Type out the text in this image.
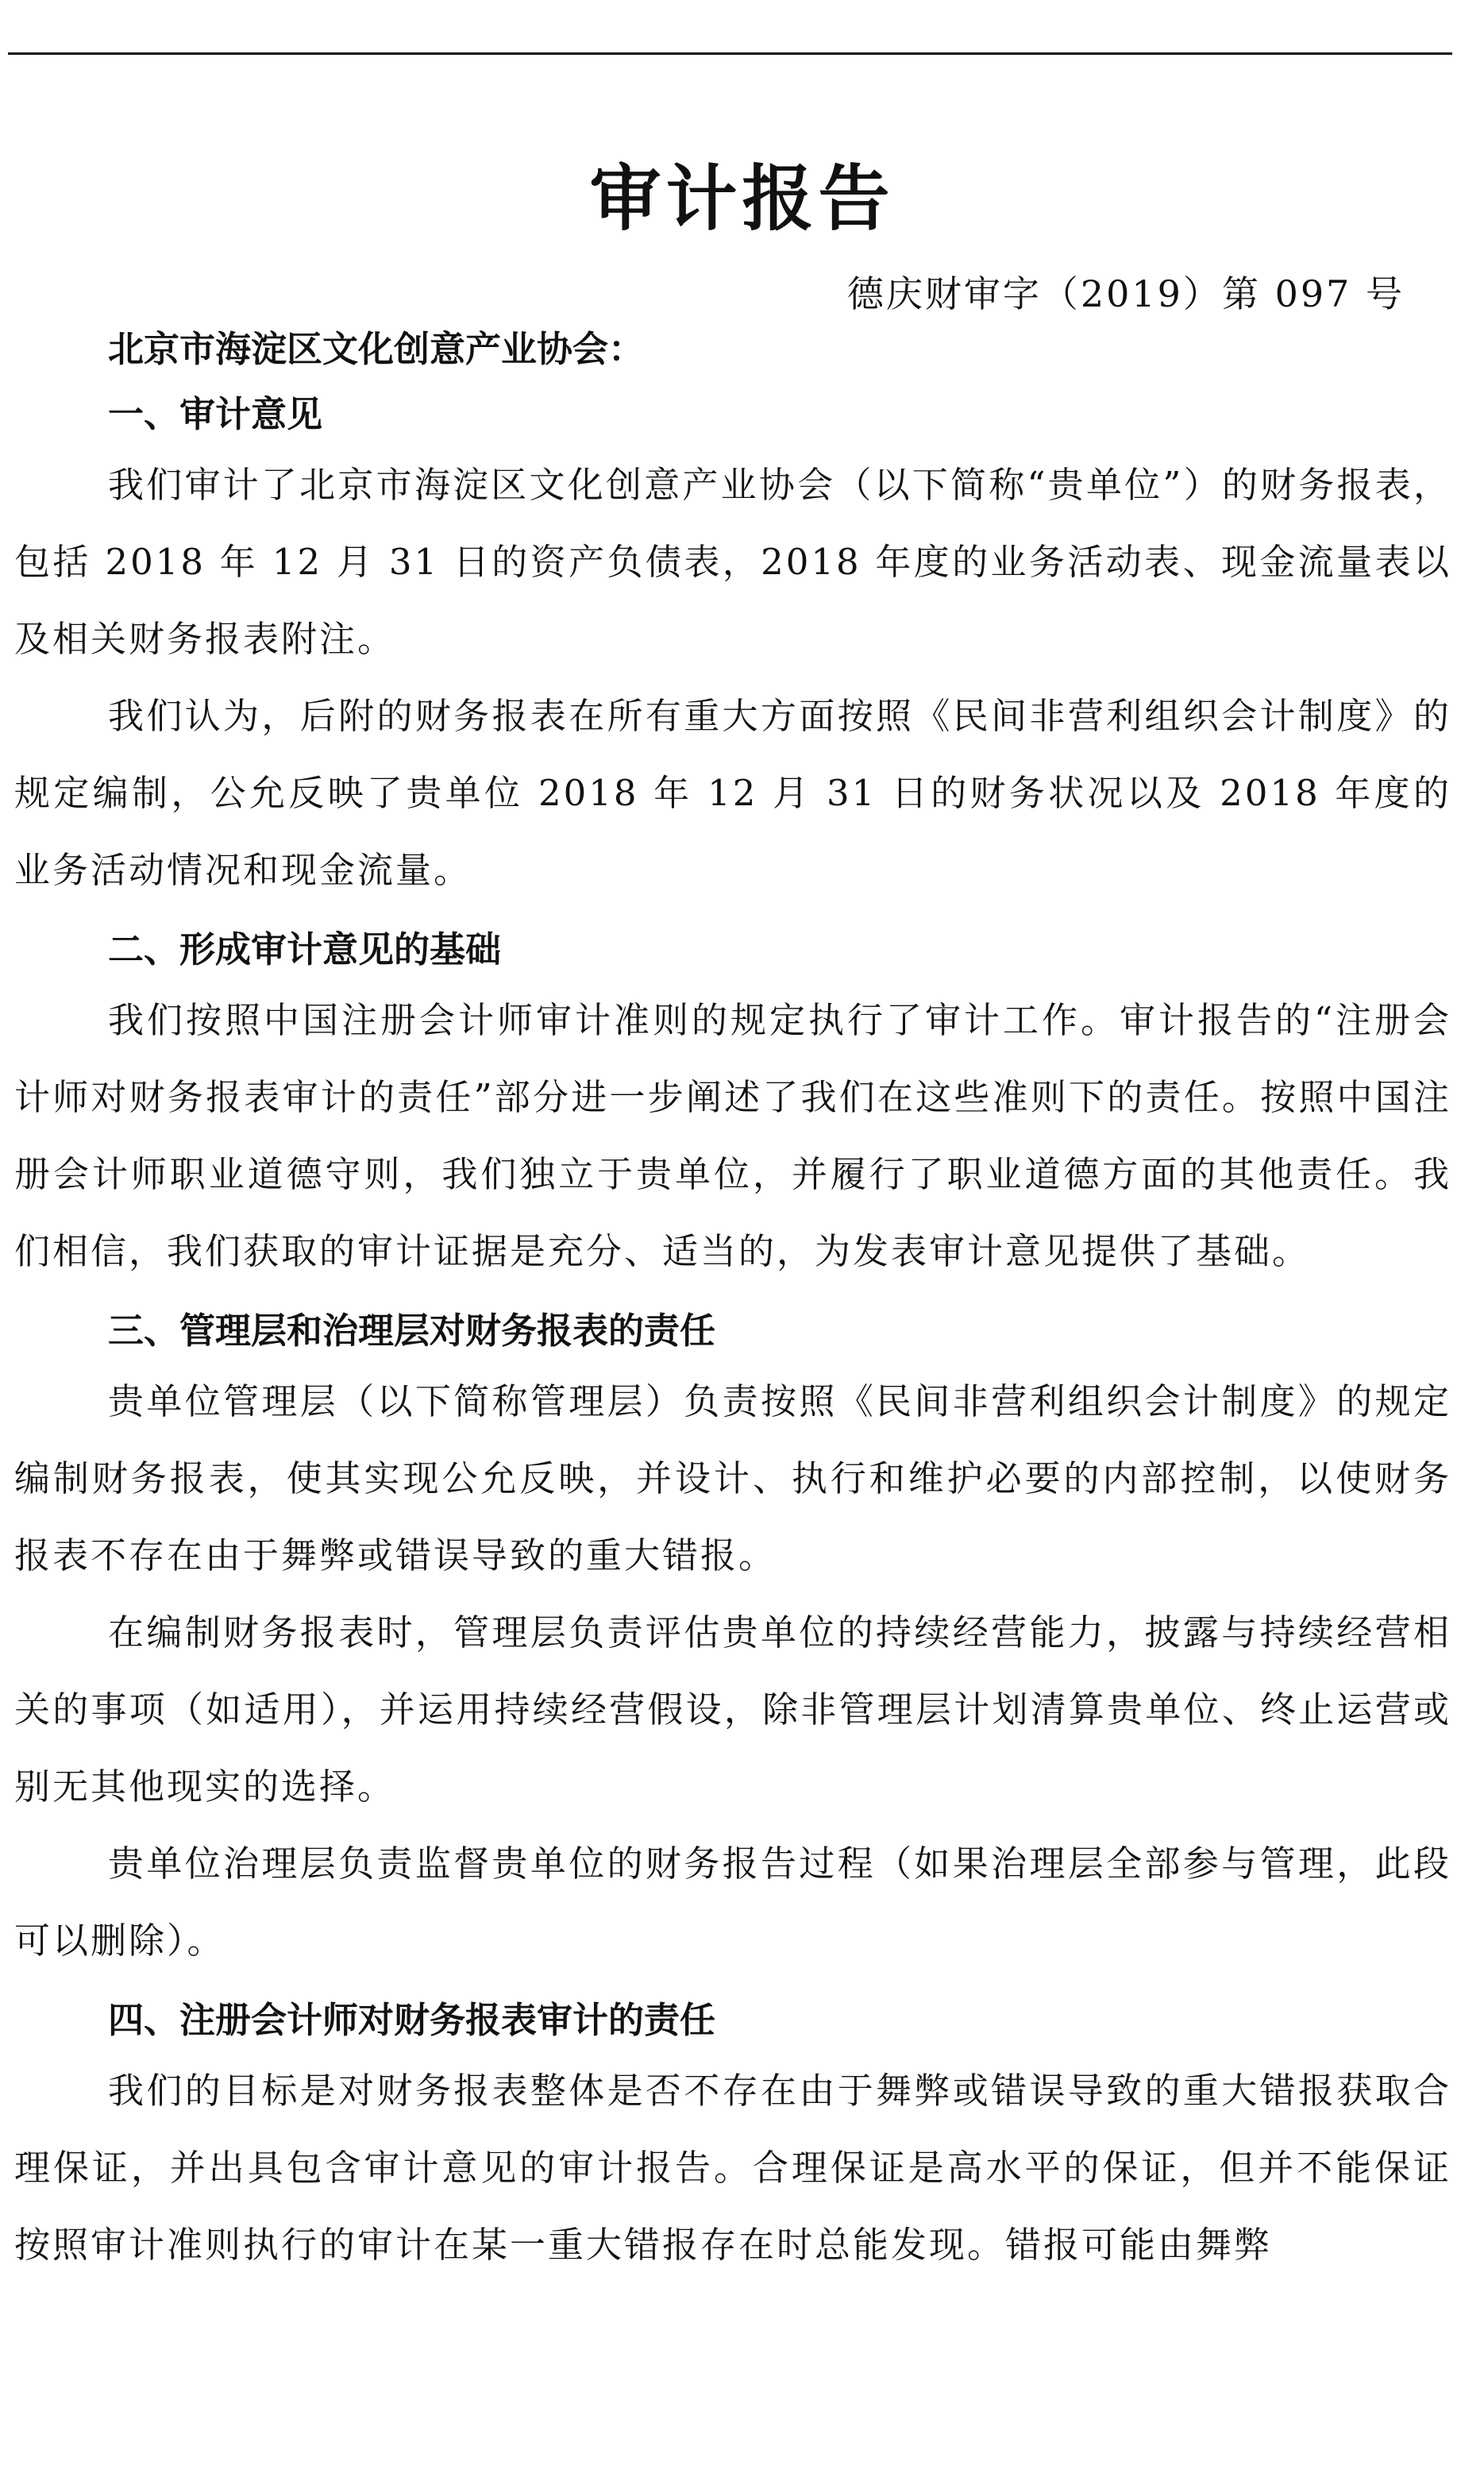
审计报告
德庆财审字（2019）第 097 号
北京市海淀区文化创意产业协会：
一、审计意见

我们审计了北京市海淀区文化创意产业协会（以下简称“贵单位”）的财务报表，包括 2018 年 12 月 31 日的资产负债表，2018 年度的业务活动表、现金流量表以及相关财务报表附注。

我们认为，后附的财务报表在所有重大方面按照《民间非营利组织会计制度》的规定编制，公允反映了贵单位 2018 年 12 月 31 日的财务状况以及 2018 年度的业务活动情况和现金流量。

二、形成审计意见的基础

我们按照中国注册会计师审计准则的规定执行了审计工作。审计报告的“注册会计师对财务报表审计的责任”部分进一步阐述了我们在这些准则下的责任。按照中国注册会计师职业道德守则，我们独立于贵单位，并履行了职业道德方面的其他责任。我们相信，我们获取的审计证据是充分、适当的，为发表审计意见提供了基础。

三、管理层和治理层对财务报表的责任

贵单位管理层（以下简称管理层）负责按照《民间非营利组织会计制度》的规定编制财务报表，使其实现公允反映，并设计、执行和维护必要的内部控制，以使财务报表不存在由于舞弊或错误导致的重大错报。

在编制财务报表时，管理层负责评估贵单位的持续经营能力，披露与持续经营相关的事项（如适用），并运用持续经营假设，除非管理层计划清算贵单位、终止运营或别无其他现实的选择。

贵单位治理层负责监督贵单位的财务报告过程（如果治理层全部参与管理，此段可以删除）。

四、注册会计师对财务报表审计的责任

我们的目标是对财务报表整体是否不存在由于舞弊或错误导致的重大错报获取合理保证，并出具包含审计意见的审计报告。合理保证是高水平的保证，但并不能保证按照审计准则执行的审计在某一重大错报存在时总能发现。错报可能由舞弊
